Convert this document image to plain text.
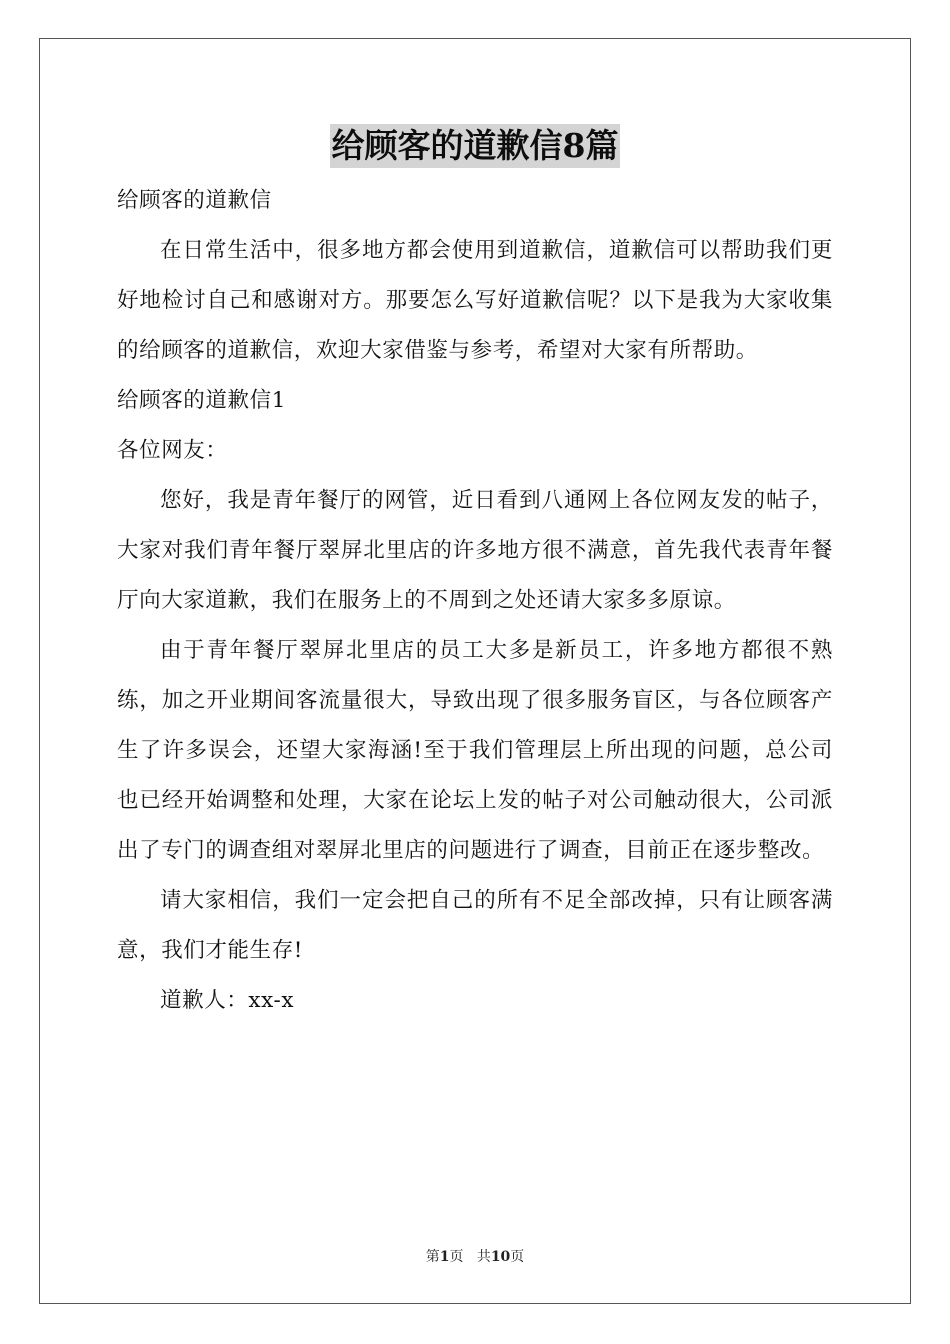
给顾客的道歉信8篇
给顾客的道歉信
在日常生活中，很多地方都会使用到道歉信，道歉信可以帮助我们更好地检讨自己和感谢对方。那要怎么写好道歉信呢？以下是我为大家收集的给顾客的道歉信，欢迎大家借鉴与参考，希望对大家有所帮助。
给顾客的道歉信1
各位网友：
您好，我是青年餐厅的网管，近日看到八通网上各位网友发的帖子，大家对我们青年餐厅翠屏北里店的许多地方很不满意，首先我代表青年餐厅向大家道歉，我们在服务上的不周到之处还请大家多多原谅。
由于青年餐厅翠屏北里店的员工大多是新员工，许多地方都很不熟练，加之开业期间客流量很大，导致出现了很多服务盲区，与各位顾客产生了许多误会，还望大家海涵!至于我们管理层上所出现的问题，总公司也已经开始调整和处理，大家在论坛上发的帖子对公司触动很大，公司派出了专门的调查组对翠屏北里店的问题进行了调查，目前正在逐步整改。
请大家相信，我们一定会把自己的所有不足全部改掉，只有让顾客满意，我们才能生存!
道歉人：xx-x
第1页 共10页
